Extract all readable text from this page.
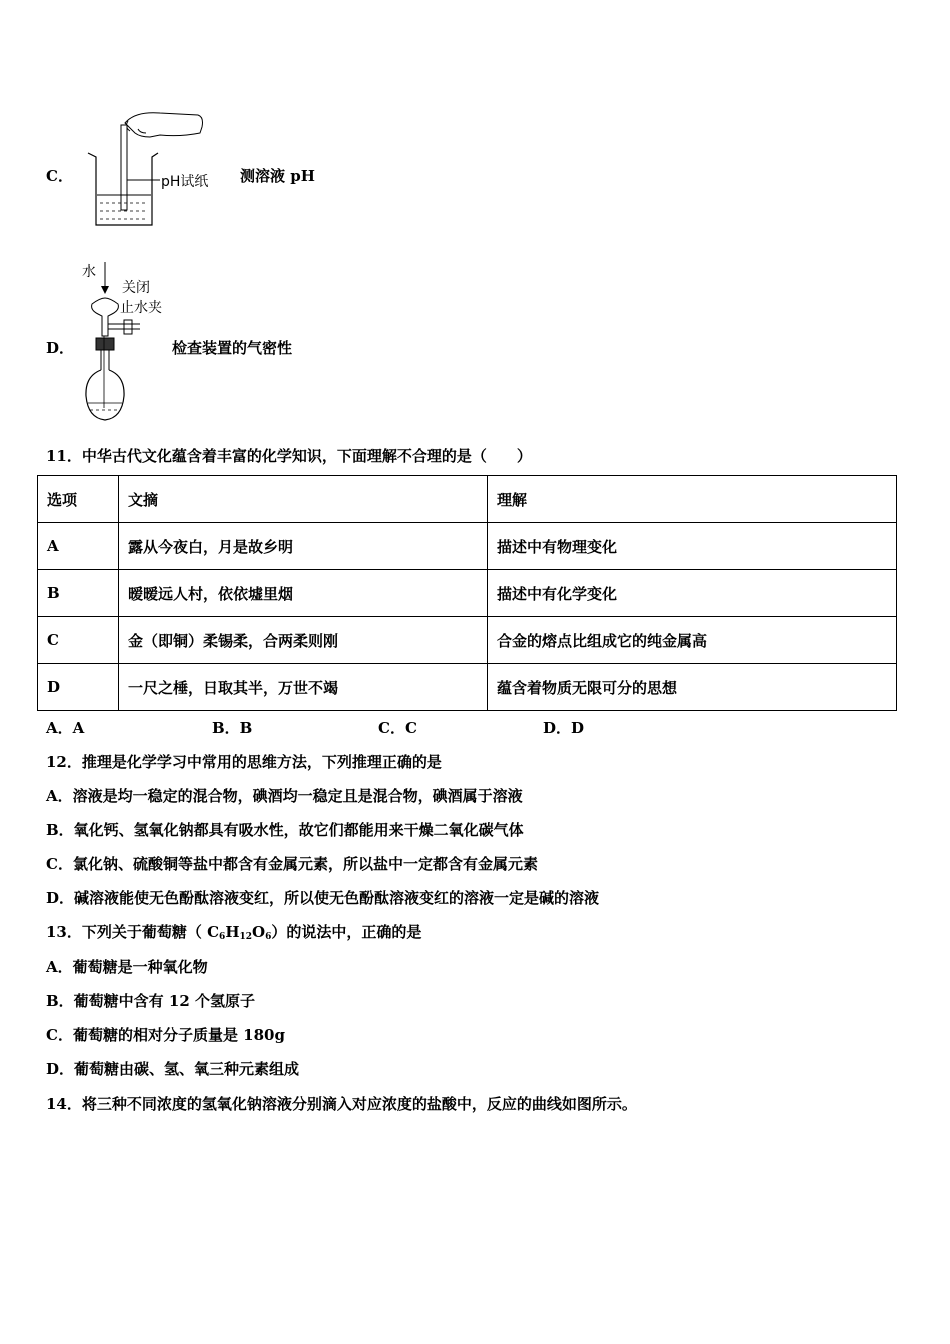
C．	pH试纸 测溶液 pH
D．
水
关闭
止水夹
检查装置的气密性
11．中华古代文化蕴含着丰富的化学知识，下面理解不合理的是（　　）
选项	文摘	理解
A	露从今夜白，月是故乡明	描述中有物理变化
B	暧暧远人村，依依墟里烟	描述中有化学变化
C	金（即铜）柔锡柔，合两柔则刚	合金的熔点比组成它的纯金属高
D	一尺之棰，日取其半，万世不竭	蕴含着物质无限可分的思想
A．A	B．B	C．C	D．D
12．推理是化学学习中常用的思维方法，下列推理正确的是
A．溶液是均一稳定的混合物，碘酒均一稳定且是混合物，碘酒属于溶液
B．氧化钙、氢氧化钠都具有吸水性，故它们都能用来干燥二氧化碳气体
C．氯化钠、硫酸铜等盐中都含有金属元素，所以盐中一定都含有金属元素
D．碱溶液能使无色酚酞溶液变红，所以使无色酚酞溶液变红的溶液一定是碱的溶液
13．下列关于葡萄糖（ $C_6H_{12}O_6$）的说法中，正确的是
A．葡萄糖是一种氧化物
B．葡萄糖中含有 12 个氢原子
C．葡萄糖的相对分子质量是 180g
D．葡萄糖由碳、氢、氧三种元素组成
14．将三种不同浓度的氢氧化钠溶液分别滴入对应浓度的盐酸中，反应的曲线如图所示。
